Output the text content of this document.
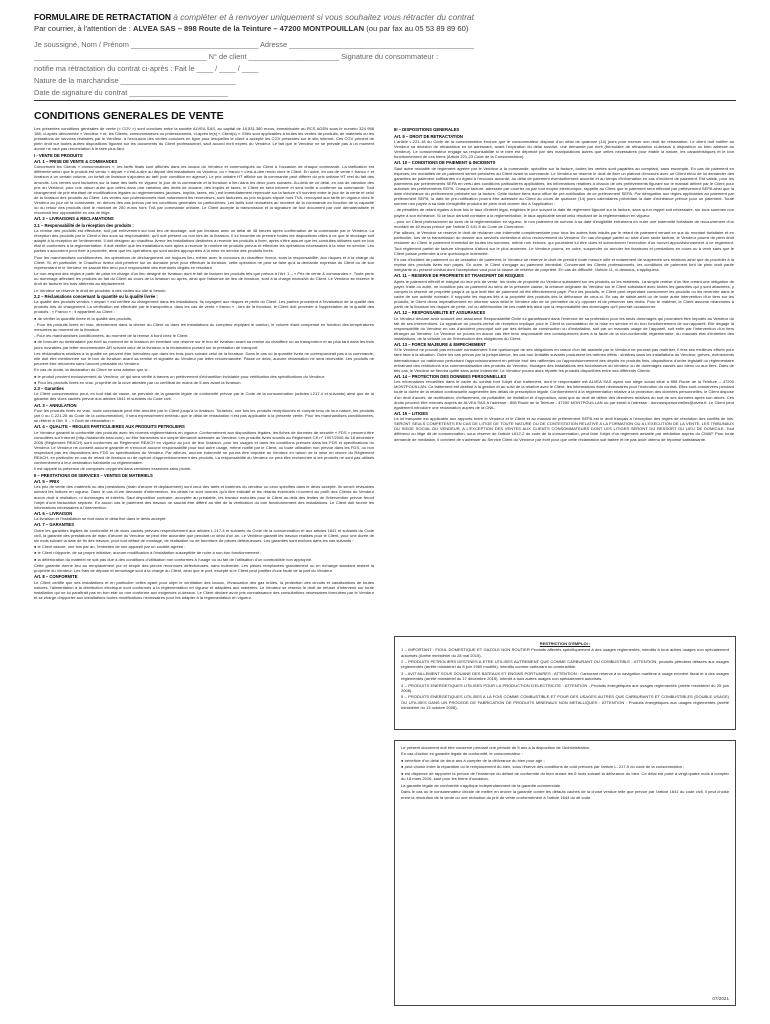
FORMULAIRE DE RETRACTATION à compléter et à renvoyer uniquement si vous souhaitez vous rétracter du contrat
Par courrier, à l'attention de : ALVEA SAS – 898 Route de la Teinture – 47200 MONTPOUILLAN (ou par fax au 05 53 89 89 60)
Je soussigné, Nom / Prénom _______________________________ Adresse _____________________________________________
__________________________________________ N° de client ______________________ Signature du consommateur :
notifie ma rétractation du contrat ci-après : Fait le ____ / ____ / ____
Nature de la marchandise ____________________________
Date de signature du contrat ________________________
CONDITIONS GENERALES DE VENTE

Les présentes conditions générales de vente (« CGV ») sont conclues entre la société ALVEA SAS, au capital de 18.531.380 euros, immatriculée au RCS AGEN sous le numéro 324 958 188, ci-après dénommée « Vendeur » et, les Clients, consommateurs ou professionnels, ci-après le(s) « Client(s) ». Elles sont applicables à toutes les ventes de produits, de matériels ou les prestations de services réalisées par le Vendeur, à l'exclusion des ventes conclues en ligne pour lesquelles le client a accepté les CGV présentes sur le site internet. Ces CGV priment de plein droit sur toutes autres dispositions figurant sur les documents du Client professionnel, sauf accord écrit exprès du Vendeur. Le fait que le Vendeur ne se prévale pas à un moment donné ne vaut pas renonciation à le faire plus tard.

I - VENTE DE PRODUITS
Art. 1 – PRISE DE VENTE & COMMANDES

Concernant les Clients « consommateurs », les tarifs finals sont affichés dans les locaux du Vendeur et communiqués au Client à l'occasion de chaque commande. La tarification est différente selon que le produit est vendu « départ » c'est-à-dire au départ des installations du Vendeur, ou « franco » c'est-à-dire rendu chez le Client. En outre, en cas de vente « franco » et livraison à un certain volume, un forfait de livraison s'ajoutera au tarif (voir condition en agence). Le prix unitaire HT affiché sur la commande peut différer du prix unitaire HT réel du fait des arrondis. Les ventes sont facturées sur la base des tarifs en vigueur le jour de la commande et la livraison a lieu dans les deux jours suivants. Au-delà de ce délai, en cas de variation des prix du Vendeur, pour une raison autre que celles dans une variation des droits de douane, des impôts et taxes, le Client en sera informé et sera invité à confirmer sa commande. Tout changement de prix résultant de modifications légales ou réglementaires (accises, impôts, taxes, etc.) est immédiatement répercuté sur la facture s'il survient entre le jour de la vente et celui de la livraison des produits au Client. Les ventes aux professionnels dont notamment les revendeurs, sont facturées au prix toujours stipulé hors TVA, renvoyant aux tarifs en vigueur chez le Vendeur au jour de la commande, en dehors des cas prévus par les conditions générales ou particulières. Les tarifs sont révisables au moment de la commande en fonction de la capacité ou du retour des produits dont le montant de 250 euros hors TVA par commande unitaire. Le Client accepte la transmission et la signature de tout document par voie dématérialisée et reconnaît leur opposabilité en cas de litige.

Art. 2 – LIVRAISONS & RECLAMATIONS
2.1 – Responsabilité de la réception des produits :

La remise des produits est effectuée, soit par enlèvement sur tout lieu de stockage, soit par livraison avec un délai de 48 heures après confirmation de la commande par le Vendeur. La réception des produits par le Client a lieu sous sa responsabilité, qu'il soit présent ou non lors de la livraison. Il lui incombe de prendre toutes les dispositions utiles à ce que le stockage soit adapté à la réception de l'enlèvement. Il doit désigner au chauffeur-livreur les installations destinées à recevoir les produits à livrer, après s'être assuré que les conduites utilisées sont en bon état et conformes à la réglementation. Il doit vérifier que les installations sont aptes à recevoir le nombre de produits prévus et effectuer les opérations nécessaires à la mise en service. Les parties s'accordent pour fixer à proximité, ainsi que les opérations qui sont seules appropriées à la mise en service des produits livrés.

Pour les marchandises conditionnées, les opérations de déchargement ont toujours lieu, même avec le concours du chauffeur livreur, sous la responsabilité, aux risques et à la charge du Client. Si, en particulier, le Chauffeur livreur doit pénétrer sur un domaine privé pour effectuer la livraison, cette opération ne peut se faire qu'à la demande expresse du Client ou de son représentant et le Vendeur ne saurait être tenu pour responsable des éventuels dégâts en résultant.

Le non-respect des règles à partir de prise en charge d'un lieu désigné de livraison dont le fait de facturer les produits tels que prévus à l'Art. 1 – « Prix de vente & commandes ». Toute perte ou dommage affectant les produits du fait du Client au cours de la livraison ou après, ainsi que l'absence de lieu de livraison, sont à la charge exclusive du Client. Le Vendeur se réserve le droit de facturer les frais afférents au déplacement.

Le Vendeur se réserve le droit de procéder à des visites sur site si besoin.

2.2 – Réclamations concernant la quantité ou la qualité livrée :

La qualité des produits vendus « départ » est vérifiée au chargement dans les installations. Ils voyagent aux risques et périls du Client. Les parties procèdent à l'évaluation de la qualité des produits lors du chargement. La vérification est effectuée par le transporteur, dans les cas de vente « franco » ; lors de la livraison, le Client doit procéder à l'appréciation de la qualité des produits : « Franco » ; il appartient au Client :

● de vérifier la quantité livrée et la qualité des produits,

- Pour les produits livrés en vrac, directement dans la citerne du Client ou dans les installations du compteur équipant le camion, le volume étant compensé en fonction des températures mesurées au moment de la livraison.

- Pour les marchandises conditionnées, au moment de la remise à bord chez le Client.

● de formuler au destinataire par écrit au moment de la livraison en émettant une réserve sur le bon de livraison avant sa remise au chauffeur ou au transporteur et au plus tard dans les trois jours ouvrables par lettre recommandée AR suivant celui de la livraison à la réclamation portant sur la prestation de transport.

Les réclamations relatives à la qualité ne peuvent être formulées que dans les trois jours suivant celui de la livraison. Dans le cas où la quantité livrée ne correspondrait pas à la commande, elle doit être mentionnée sur le bon de livraison avant sa remise et signalée au Vendeur par lettre recommandée. Passé ce délai, aucune réclamation ne sera recevable. Les produits ne peuvent être retournés sans l'accord préalable du Vendeur.

En cas de doute, la déclaration du Client ne sera admise que si :

● le produit provient exclusivement du Vendeur, ce qui sera vérifié à travers un prélèvement d'échantillon inviolable pour vérification des spécifications du Vendeur.

● Pour les produits livrés en vrac, propriété de la cuve attestée par un certificat de moins de 5 ans avant la livraison.

2.3 – Garanties

Le Client consommateur peut, en tout état de cause, se prévaloir de la garantie légale de conformité prévue par le Code de la consommation (articles L217-4 et suivants) ainsi que de la garantie des vices cachés prévue aux articles 1641 et suivants du Code civil.

Art. 3 – ANNULATION

Pour les produits livrés en vrac, toute commande peut être annulée par le Client jusqu'à la livraison. Toutefois, une fois les produits réceptionnés et compte tenu de leur nature, les produits (art 0 ou C.221-28 du Code de la consommation), il sera expressément entendu que le délai de rétractation n'est pas applicable à la présente vente. Pour les marchandises conditionnées, se référer à l'Art. 9 – « Droit de rétractation ».

Art. 4 – QUALITE – REGLES PARTICULIERES AUX PRODUITS PETROLIERS

Le Vendeur garantit la conformité des produits avec les normes réglementaires en vigueur. Conformément aux dispositions légales, les fiches de données de sécurité « FDS » peuvent être consultées sur Internet (http://totalsmile.total.com), ou être transmises sur simple demande adressée au Vendeur. Les produits livrés soumis au Règlement CE n° 1907/2006 du 18 décembre 2006 (Règlement REACH) sont conformes au Règlement REACH en vigueur au jour de leur livraison, pour les usages et dans les conditions prévues dans les FDS et spécifications du Vendeur. Le Vendeur ne consent aucune garantie et n'encourt aucune responsabilité pour tout autre usage, même notifié par le Client, ou toute utilisation non prévue dans les FDS, ou non respectant pas les dispositions des FDS ou spécifications du Vendeur. Par ailleurs, aucune indemnité ne pourra être imputée au Vendeur en raison de la mise en œuvre du Règlement REACH, en particulier en cas de retard de livraison ou de rupture d'approvisionnement des produits. La responsabilité du Vendeur ne peut être recherchée si les produits ne sont pas utilisés conformément à leur destination habituelle ou réglementaire.

Il est rappelé la présence de composés oxygénés dans certaines essences sans plomb.

II – PRESTATIONS DE SERVICES – VENTES DE MATERIELS
Art. 5 – PRIX

Les prix de vente des matériels ou des prestations (main d'œuvre et déplacement) sont ceux des tarifs et barèmes du vendeur ou ceux spécifiés dans le devis accepté. Ils seront révisables suivant les indices en vigueur. Dans le cas d'une demande d'intervention, les délais ne sont donnés qu'à titre indicatif et les retards éventuels n'ouvrent au profit des Clients du Vendeur aucun droit à résiliation, ni dommages et intérêts. Sauf disposition contraire, acceptée au préalable, les travaux exécutés pour le Client au-delà des limites de l'intervention prévue feront l'objet d'une facturation séparée. En aucun cas le paiement des travaux ne saurait être différé au titre de la vérification du bon fonctionnement des installations. Le Client doit fournir les informations nécessaires à l'intervention.

Art. 6 – LIVRAISON

La livraison et l'installation se font dans le délai fixé dans le devis accepté.

Art. 7 – GARANTIES

Outre les garanties légales de conformité et de vices cachés prévues respectivement aux articles L.217-4 et suivants du Code de la consommation et aux articles 1641 et suivants du Code civil, la garantie des prestations de main d'œuvre du Vendeur ne peut être accordée que pendant un délai d'un an. Le Vendeur garantit les travaux réalisés pour le Client, pour une durée de six mois suivant la date de fin des travaux, pour tout défaut de montage, de réalisation ou de fourniture de pièces défectueuses. Les garanties sont exclues dans les cas suivants :

● le Client assure, une fois par an, l'entretien de son appareil par un société agréée ;

● le Client n'apporte, de sa propre initiative, aucune modification à l'installation susceptible de nuire à son bon fonctionnement ;

● la détérioration du matériel ne soit pas due à des conditions d'utilisation non conformes à l'usage ou du fait de l'utilisation d'un combustible non approprié.

Cette garantie donne lieu au remplacement pur et simple des pièces reconnues défectueuses, sans indemnité. Les pièces remplacées gratuitement ou en échange standard restent la propriété du Vendeur. Les frais de dépose et remontage sont à la charge du Client, ainsi que le port, excepté si le Client peut justifier d'une faute de la part du Vendeur.

Art. 8 – CONFORMITE

Le Client certifie que ses installations et en particulier celles ayant pour objet le ventilation des locaux, l'évacuation des gaz brûlés, la protection des circuits et canalisations de toutes natures, l'alimentation à la distribution électrique sont conformes à la réglementation en vigueur et adaptées aux matériels. Le Vendeur se réserve le droit de refuser d'intervenir sur toute installation qui ne lui paraîtrait pas en bon état ou non conforme aux exigences ci-dessus. Le Client déclare avoir pris connaissance des consultations nécessaires formulées par le Vendeur et se charge d'apporter aux installations toutes modifications nécessaires pour les adapter à la réglementation en vigueur.

III – DISPOSITIONS GENERALES
Art. 9 – DROIT DE RETRACTATION

L'article L.221-18 du Code de la consommation énonce que le consommateur dispose d'un délai de quatorze (14) jours pour exercer son droit de rétractation. Le client doit notifier au Vendeur sa décision de rétractation en lui adressant, avant l'expiration du délai susvisé, une demande par écrit (formulaire de rétractation ci-dessus à disposition ou bien adressé au Vendeur). Le consommateur engage sa responsabilité si le bien est déprécié par des manipulations autres que celles nécessaires pour établir la nature, les caractéristiques et le bon fonctionnement de ces biens (Article 221-23 Code de la Consommation).

Art. 10 – CONDITIONS DE PAIEMENT & INCIDENTS

Sauf autre modalité de règlement agréée par le Vendeur à la commande, spécifiée sur la facture, toutes les ventes sont payables au comptant, sans escompte. En cas de paiement en espèces, les modalités de ce paiement seront précisées au Client avant la commande. Le Vendeur se réserve le droit de fixer un plafond d'encours avec un Client et/ou de lui demander des garanties de paiement suffisantes eu égard à l'encours accordé, au délai de paiement éventuellement accordé et au temps d'information en cas d'incident de paiement. Est valide, pour les paiements par prélèvements SEPA en vertu des conditions particulières applicables, les informations relatives à chacun de ces prélèvements figurant sur le mandat délivré par le Client pour autoriser les prélèvements SEPA. Chaque facture, adressée par courrier ou par tout moyen électronique, rappelle au Client que le paiement sera effectué par prélèvement SEPA ainsi que la date d'échéance du prélèvement précisée sur la facture. Cette facture tiens donc office de pré-notification de ce prélèvement SEPA. Par dérogation aux règles applicables au paiement par prélèvement SEPA, la date de pré-notification pourra être adressée au Client au cours de quatorze (14) jours calendaires précédant la date d'échéance prévue pour un paiement. Toute somme non payée à sa date d'exigibilité produira de plein droit donner lieu à l'application :

- de pénalités de retard égales à trois fois le taux d'intérêt légal, exigibles le jour suivant la date de règlement figurant sur la facture, sans qu'un rappel soit nécessaire, sur tous sommes non payée à son échéance. Si ce taux dérivait contraire à la réglementation, le taux applicable serait celui résultant de la réglementation en vigueur.

- pour un Client professionnel au sens de la réglementation en vigueur, le non paiement de somme à sa date d'exigibilité entraînera en outre une indemnité forfaitaire de recouvrement d'un montant de 40 euros prévue par l'article D 441-5 du Code de Commerce.

Par ailleurs, le Vendeur se réserve le droit de réclamer une indemnité complémentaire pour tous les autres frais induits par le retard de paiement venant en sus du montant forfaitaire et en particulier, lors de la transmission du dossier aux services contentieux et/ou recouvrement du Vendeur. En cas d'impayé partiel ou total d'une seule facture, le Vendeur pourra de plein droit réclamer au Client le paiement immédiat de toutes les sommes, même non échues, qui pourraient lui être dues et subordonner l'exécution d'un nouvel approvisionnement à ce règlement. Tout règlement partiel de facture s'imputera d'abord sur le plus ancienne. Le Vendeur pourra, en outre, suspendre ou annuler les livraisons et prestations en cours ou à venir sans que le Client puisse prétendre à une quelconque indemnité.

En cas d'incident de paiement ou de cessation de paiement, le Vendeur se réserve le droit de prendre toute mesure utile et notamment de suspendre ses relations ainsi que de procéder à la reprise des produits livrés non payés. En outre, le Client s'engage au paiement immédiat. Concernant les Clients professionnels, les conditions de paiement font de plein droit partie intégrante du présent contrat dont l'acceptation vaut pour la clause de réserve de propriété. En cas de difficulté, l'Article 11, ci-dessous, s'appliquera.

Art. 11 – RESERVE DE PROPRIETE ET TRANSFERT DE RISQUES

Après le paiement effectif et intégral du leur prix de vente, les droits de propriété du Vendeur subsistent sur les produits ou les matériels. La simple remise d'un titre créant une obligation de payer, traite ou autre, ne constitue pas un paiement au sens de la présente clause, la créance originaire du Vendeur sur le Client subsistant avec toutes les garanties qui y sont attachées, y compris la réserve de propriété jusqu'à ce que ledit titre de paiement ait été effectivement payé. Pour les produits, le Client peut cependant consommer les produits ou les revendre dans le cadre de son activité normale. Il supporte les risques liés à la propriété des produits dès la délivrance de ceux-ci. En cas de saisie-arrêt ou de toute autre intervention d'un tiers sur les produits, le Client devra impérativement en informer sans délai le Vendeur afin de lui permettre de s'y opposer et de préserver ses droits. Pour le matériel, le Client assume néanmoins à partir de la livraison les risques de perte, vol ou détérioration de ces matériels ainsi que la responsabilité des dommages qu'il pourrait occasionner.

Art. 12 – RESPONSABILITE ET ASSURANCES

Le Vendeur déclare avoir souscrit une assurance Responsabilité Civile lui garantissant dans l'exercice de sa profession pour les seuls dommages qui pourraient être imputés au Vendeur du fait de ses interventions. La signature du procès-verbal de réception implique pour le Client la constatation de la mise en service et du bon fonctionnement de son appareil. Elle dégage la responsabilité du Vendeur en cas d'accident provoqué soit par des défauts de construction ou d'installation, soit par un mauvais usage de l'appareil, soit enfin par l'intervention d'un tiers étranger au Vendeur. Le Vendeur ne pourra en aucun cas être tenu responsable des conséquences dues à la faute de la non-conformité réglementaire, du mauvais état d'entretien des installations, de la vétusté ou de l'inexécution des obligations du Client.

Art. 13 – FORCE MAJEURE & EMPECHEMENT

Si le Vendeur ne pouvait pas exécuter normalement l'une quelconque de ses obligations en raison d'un fait assimilé par le Vendeur ne pourrait pas maîtriser, il fera ses meilleurs efforts pour faire face à la situation. Outre les cas prévus par la jurisprudence, les cas non limitatifs suivants produisent les mêmes effets : sinistres dans les installations du Vendeur, grèves, événements internationaux ou nationaux perturbant l'approvisionnement en pétrole brut des raffineries ou l'approvisionnement des dépôts en produits finis, dispositions d'ordre législatif ou réglementaire entraînant des restrictions à la commercialisation des produits du Vendeur, blocages des installations des fournisseurs du Vendeur ou de dommages causés aux biens ou aux tiers. Dans de tels cas, le Vendeur se tiendra quitte sans autre indemnité. Le Vendeur pourra alors répartir les produits disponibles entre ses différents Clients.

Art. 14 – PROTECTION DES DONNEES PERSONNELLES

Les informations recueillies dans le cadre du contrat font l'objet d'un traitement, dont le responsable est ALVEA SAS ayant son siège social situé à 898 Route de la Teinture – 47200 MONTPOUILLAN. Ce traitement est destiné à la gestion et au suivi de la relation avec le Client, les informations étant nécessaires pour l'exécution du contrat. Elles sont conservées pendant toute la durée de la relation contractuelle augmentée des délais de prescription légale. Conformément à la réglementation relative à la protection des données personnelles, le Client dispose d'un droit d'accès, de rectification, d'effacement, de portabilité, de limitation et d'opposition, ainsi que du droit de définir des directives relatives au sort de ses données après son décès. Ces droits peuvent être exercés auprès de ALVEA SAS à l'adresse : 898 Route de la Teinture - 47200 MONTPOUILLAN ou par email à l'adresse : donneespersonnelles@alvea.fr. Le Client peut également introduire une réclamation auprès de la CNIL.

Art. 15 – LITIGES

La loi française est applicable aux rapports entre le Vendeur et le Client et au mandat de prélèvement SEPA est le droit français à l'exception des règles de résolution des conflits de lois. SERONT SEULS COMPETENTS EN CAS DE LITIGE DE TOUTE NATURE OU DE CONTESTATION RELATIVE A LA FORMATION OU A L'EXECUTION DE LA VENTE, LES TRIBUNAUX DU SIEGE SOCIAL DU VENDEUR, A L'EXCEPTION DES VENTES AUX CLIENTS CONSOMMATEURS DONT LES LITIGES SERONT DU RESSORT DU LIEU DE DOMICILE. Tout différend ou litige dit de consommation, sous réserve de l'article L612-2 du code de la consommation, peut faire l'objet d'un règlement amiable par médiation auprès du CMAP. Pour toute demande de médiation, il convient de s'adresser au Service Client du Vendeur par écrit pour que cette réclamation soit traitée et ne pas avoir obtenu de réponse satisfaisante.

RESTRICTION D'EMPLOI :

1 – IMPORTANT : FIOUL DOMESTIQUE ET GAZOLE NON ROUTIER Produits affectés spécifiquement à des usages réglementés, interdits à tous autres usages non spécialement autorisés (Arrêté ministériel du 28 mai 2015).

2 – PRODUITS PETROLIERS DESTINES A ETRE UTILISES AUTREMENT QUE COMME CARBURANT OU COMBUSTIBLE : ATTENTION, produits pétroliers détaxés aux usages réglementés (arrêté ministériel du 8 juin 1960 modifié), interdits comme carburant ou combustible.

3 – AVIT AILLEMENT SOUS DOUANE DES BATEAUX ET ENGINS PORTUAIRES : ATTENTION : Carburant réservé à la navigation maritime à usage exonéré fiscal et à des usages réglementés (arrêté ministériel du 17 décembre 2015). Interdit à tous autres usages non spécialement autorisés.

4 – PRODUITS ENERGETIQUES UTILISES POUR LA PRODUCTION D'ELECTRICITE : ATTENTION : Produits énergétiques aux usages réglementés (arrêté ministériel du 25 juin 2008).

5 – PRODUITS ENERGETIQUES UTILISES A LA FOIS COMME COMBUSTIBLE ET POUR DES USAGES AUTRES QUE CARBURANTS ET COMBUSTIBLES (DOUBLE USAGE) OU UTILISES DANS UN PROCEDE DE FABRICATION DE PRODUITS MINERAUX NON METALLIQUES : ATTENTION : Produits énergétiques aux usages réglementés (arrêté ministériel du 13 octobre 2008).

Le présent document doit être conservé pendant une période de 5 ans à la disposition de l'Administration.

En cas d'action en garantie légale de conformité, le consommateur :

● bénéficie d'un délai de deux ans à compter de la délivrance du bien pour agir ;

● peut choisir entre la réparation ou le remplacement du bien, sous réserve des conditions de coût prévues par l'article L. 217-9 du code de la consommation ;

● est dispensé de rapporter la preuve de l'existence du défaut de conformité du bien durant les 6 mois suivant la délivrance du bien. Ce délai est porté à vingt-quatre mois à compter du 18 mars 2016, sauf pour les biens d'occasion.

La garantie légale de conformité s'applique indépendamment de la garantie commerciale.

Dans le cas où le consommateur décide de mettre en œuvre la garantie contre les défauts cachés de la chose vendue telle que prévue par l'article 1641 du code civil, il peut choisir entre la résolution de la vente ou une réduction du prix de vente conformément à l'article 1644 du dit code.

07/2021
